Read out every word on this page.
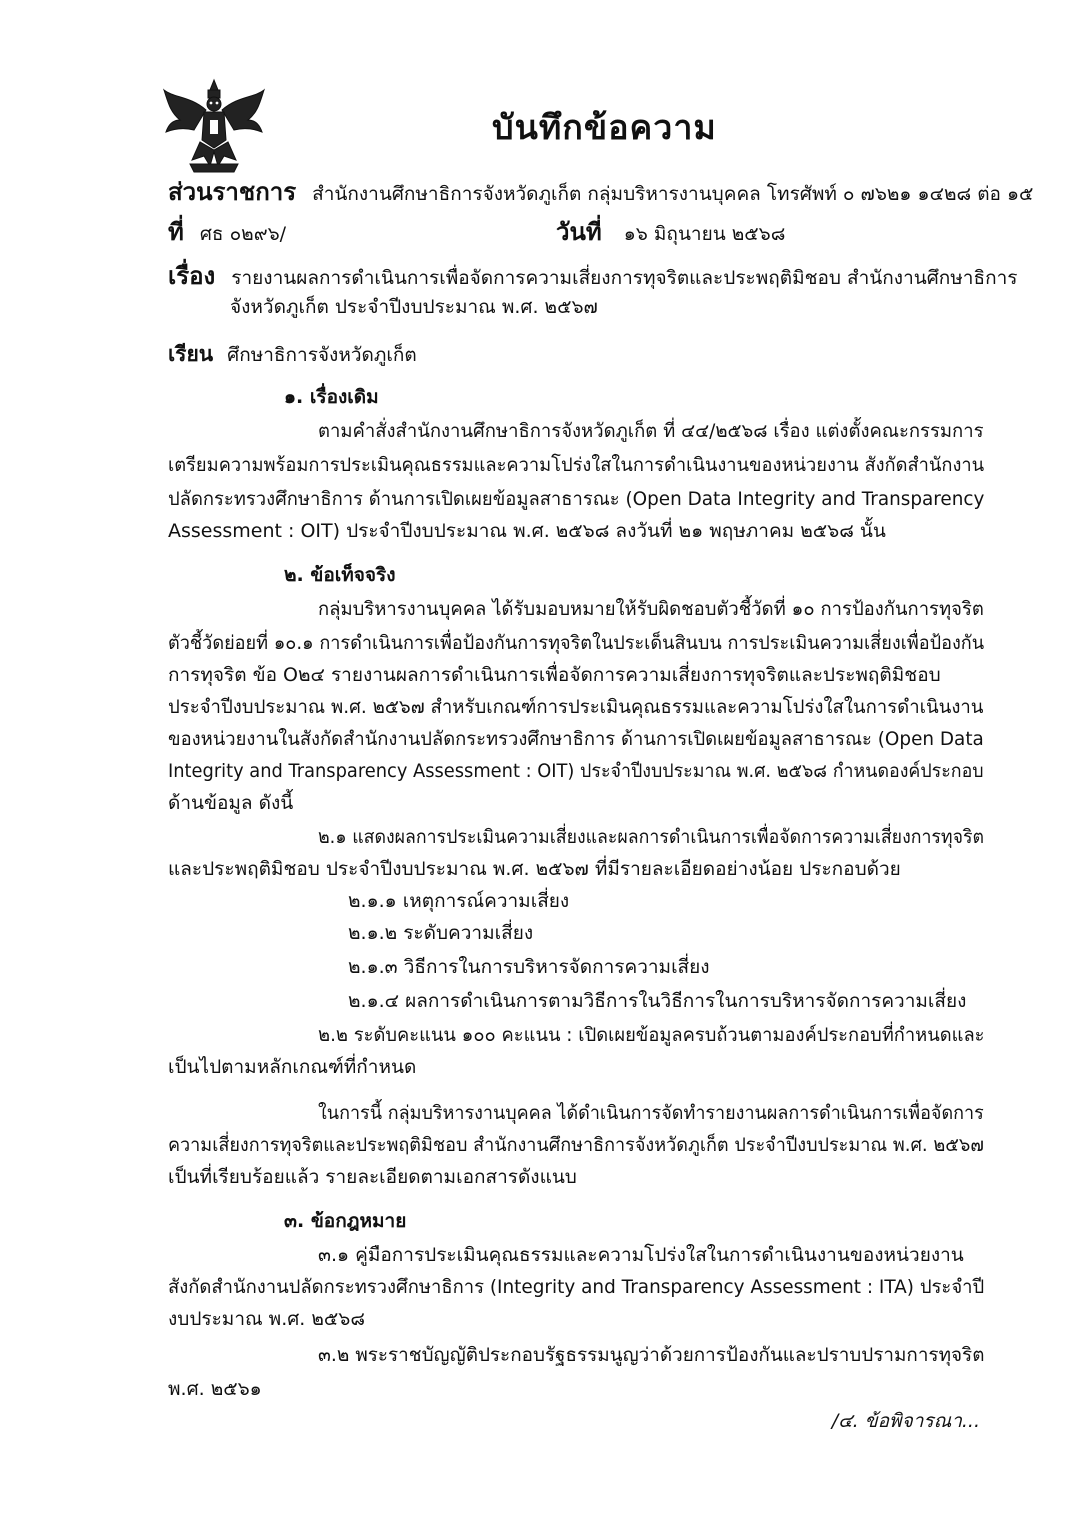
บันทึกข้อความ
ส่วนราชการ สำนักงานศึกษาธิการจังหวัดภูเก็ต กลุ่มบริหารงานบุคคล โทรศัพท์ ๐ ๗๖๒๑ ๑๔๒๘ ต่อ ๑๕
ที่ ศธ ๐๒๙๖/	วันที่ ๑๖ มิถุนายน ๒๕๖๘
เรื่อง รายงานผลการดำเนินการเพื่อจัดการความเสี่ยงการทุจริตและประพฤติมิชอบ สำนักงานศึกษาธิการ
จังหวัดภูเก็ต ประจำปีงบประมาณ พ.ศ. ๒๕๖๗
เรียน ศึกษาธิการจังหวัดภูเก็ต
๑. เรื่องเดิม
ตามคำสั่งสำนักงานศึกษาธิการจังหวัดภูเก็ต ที่ ๔๔/๒๕๖๘ เรื่อง แต่งตั้งคณะกรรมการ
เตรียมความพร้อมการประเมินคุณธรรมและความโปร่งใสในการดำเนินงานของหน่วยงาน สังกัดสำนักงาน
ปลัดกระทรวงศึกษาธิการ ด้านการเปิดเผยข้อมูลสาธารณะ (Open Data Integrity and Transparency
Assessment : OIT) ประจำปีงบประมาณ พ.ศ. ๒๕๖๘ ลงวันที่ ๒๑ พฤษภาคม ๒๕๖๘ นั้น
๒. ข้อเท็จจริง
กลุ่มบริหารงานบุคคล ได้รับมอบหมายให้รับผิดชอบตัวชี้วัดที่ ๑๐ การป้องกันการทุจริต
ตัวชี้วัดย่อยที่ ๑๐.๑ การดำเนินการเพื่อป้องกันการทุจริตในประเด็นสินบน การประเมินความเสี่ยงเพื่อป้องกัน
การทุจริต ข้อ O๒๔ รายงานผลการดำเนินการเพื่อจัดการความเสี่ยงการทุจริตและประพฤติมิชอบ
ประจำปีงบประมาณ พ.ศ. ๒๕๖๗ สำหรับเกณฑ์การประเมินคุณธรรมและความโปร่งใสในการดำเนินงาน
ของหน่วยงานในสังกัดสำนักงานปลัดกระทรวงศึกษาธิการ ด้านการเปิดเผยข้อมูลสาธารณะ (Open Data
Integrity and Transparency Assessment : OIT) ประจำปีงบประมาณ พ.ศ. ๒๕๖๘ กำหนดองค์ประกอบ
ด้านข้อมูล ดังนี้
๒.๑ แสดงผลการประเมินความเสี่ยงและผลการดำเนินการเพื่อจัดการความเสี่ยงการทุจริต
และประพฤติมิชอบ ประจำปีงบประมาณ พ.ศ. ๒๕๖๗ ที่มีรายละเอียดอย่างน้อย ประกอบด้วย
๒.๑.๑ เหตุการณ์ความเสี่ยง
๒.๑.๒ ระดับความเสี่ยง
๒.๑.๓ วิธีการในการบริหารจัดการความเสี่ยง
๒.๑.๔ ผลการดำเนินการตามวิธีการในวิธีการในการบริหารจัดการความเสี่ยง
๒.๒ ระดับคะแนน ๑๐๐ คะแนน : เปิดเผยข้อมูลครบถ้วนตามองค์ประกอบที่กำหนดและ
เป็นไปตามหลักเกณฑ์ที่กำหนด
ในการนี้ กลุ่มบริหารงานบุคคล ได้ดำเนินการจัดทำรายงานผลการดำเนินการเพื่อจัดการ
ความเสี่ยงการทุจริตและประพฤติมิชอบ สำนักงานศึกษาธิการจังหวัดภูเก็ต ประจำปีงบประมาณ พ.ศ. ๒๕๖๗
เป็นที่เรียบร้อยแล้ว รายละเอียดตามเอกสารดังแนบ
๓. ข้อกฎหมาย
๓.๑ คู่มือการประเมินคุณธรรมและความโปร่งใสในการดำเนินงานของหน่วยงาน
สังกัดสำนักงานปลัดกระทรวงศึกษาธิการ (Integrity and Transparency Assessment : ITA) ประจำปี
งบประมาณ พ.ศ. ๒๕๖๘
๓.๒ พระราชบัญญัติประกอบรัฐธรรมนูญว่าด้วยการป้องกันและปราบปรามการทุจริต
พ.ศ. ๒๕๖๑
/๔. ข้อพิจารณา...
